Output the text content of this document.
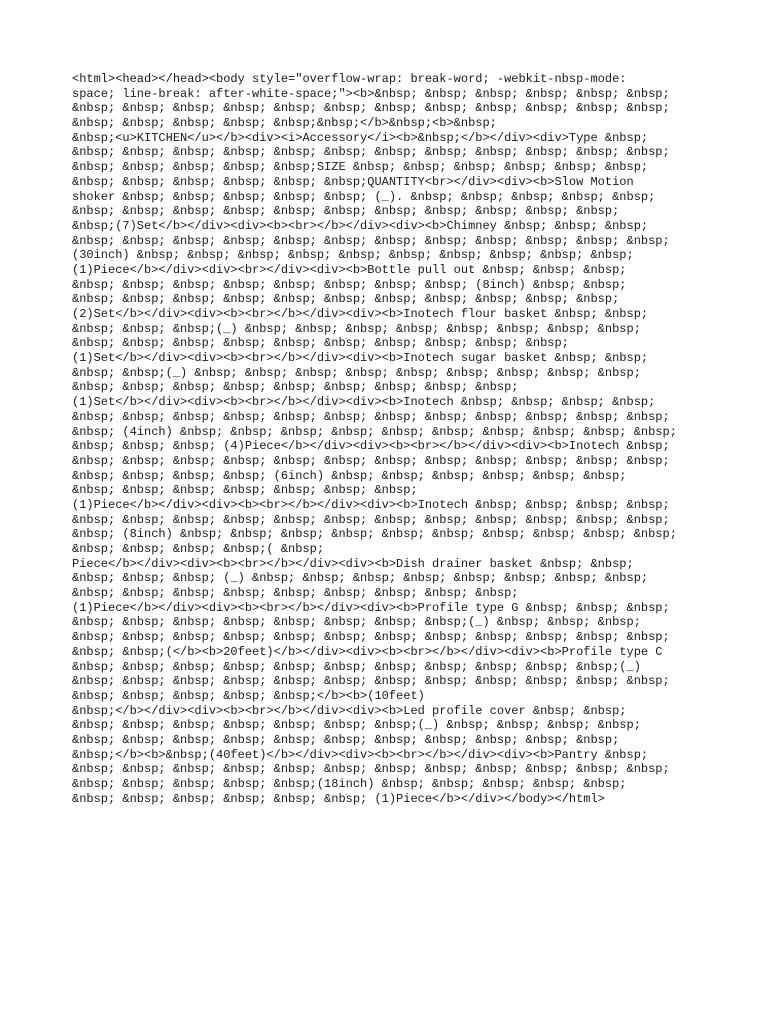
<html><head></head><body style="overflow-wrap: break-word; -webkit-nbsp-mode:
space; line-break: after-white-space;"><b>&nbsp; &nbsp; &nbsp; &nbsp; &nbsp; &nbsp;
&nbsp; &nbsp; &nbsp; &nbsp; &nbsp; &nbsp; &nbsp; &nbsp; &nbsp; &nbsp; &nbsp; &nbsp;
&nbsp; &nbsp; &nbsp; &nbsp; &nbsp;&nbsp;</b>&nbsp;<b>&nbsp;
&nbsp;<u>KITCHEN</u></b><div><i>Accessory</i><b>&nbsp;</b></div><div>Type &nbsp;
&nbsp; &nbsp; &nbsp; &nbsp; &nbsp; &nbsp; &nbsp; &nbsp; &nbsp; &nbsp; &nbsp; &nbsp;
&nbsp; &nbsp; &nbsp; &nbsp; &nbsp;SIZE &nbsp; &nbsp; &nbsp; &nbsp; &nbsp; &nbsp;
&nbsp; &nbsp; &nbsp; &nbsp; &nbsp; &nbsp;QUANTITY<br></div><div><b>Slow Motion
shoker &nbsp; &nbsp; &nbsp; &nbsp; &nbsp; (_). &nbsp; &nbsp; &nbsp; &nbsp; &nbsp;
&nbsp; &nbsp; &nbsp; &nbsp; &nbsp; &nbsp; &nbsp; &nbsp; &nbsp; &nbsp; &nbsp;
&nbsp;(7)Set</b></div><div><b><br></b></div><div><b>Chimney &nbsp; &nbsp; &nbsp;
&nbsp; &nbsp; &nbsp; &nbsp; &nbsp; &nbsp; &nbsp; &nbsp; &nbsp; &nbsp; &nbsp; &nbsp;
(30inch) &nbsp; &nbsp; &nbsp; &nbsp; &nbsp; &nbsp; &nbsp; &nbsp; &nbsp; &nbsp;
(1)Piece</b></div><div><br></div><div><b>Bottle pull out &nbsp; &nbsp; &nbsp;
&nbsp; &nbsp; &nbsp; &nbsp; &nbsp; &nbsp; &nbsp; &nbsp; (8inch) &nbsp; &nbsp;
&nbsp; &nbsp; &nbsp; &nbsp; &nbsp; &nbsp; &nbsp; &nbsp; &nbsp; &nbsp; &nbsp;
(2)Set</b></div><div><b><br></b></div><div><b>Inotech flour basket &nbsp; &nbsp;
&nbsp; &nbsp; &nbsp;(_) &nbsp; &nbsp; &nbsp; &nbsp; &nbsp; &nbsp; &nbsp; &nbsp;
&nbsp; &nbsp; &nbsp; &nbsp; &nbsp; &nbsp; &nbsp; &nbsp; &nbsp; &nbsp;
(1)Set</b></div><div><b><br></b></div><div><b>Inotech sugar basket &nbsp; &nbsp;
&nbsp; &nbsp;(_) &nbsp; &nbsp; &nbsp; &nbsp; &nbsp; &nbsp; &nbsp; &nbsp; &nbsp;
&nbsp; &nbsp; &nbsp; &nbsp; &nbsp; &nbsp; &nbsp; &nbsp; &nbsp;
(1)Set</b></div><div><b><br></b></div><div><b>Inotech &nbsp; &nbsp; &nbsp; &nbsp;
&nbsp; &nbsp; &nbsp; &nbsp; &nbsp; &nbsp; &nbsp; &nbsp; &nbsp; &nbsp; &nbsp; &nbsp;
&nbsp; (4inch) &nbsp; &nbsp; &nbsp; &nbsp; &nbsp; &nbsp; &nbsp; &nbsp; &nbsp; &nbsp;
&nbsp; &nbsp; &nbsp; (4)Piece</b></div><div><b><br></b></div><div><b>Inotech &nbsp;
&nbsp; &nbsp; &nbsp; &nbsp; &nbsp; &nbsp; &nbsp; &nbsp; &nbsp; &nbsp; &nbsp; &nbsp;
&nbsp; &nbsp; &nbsp; &nbsp; (6inch) &nbsp; &nbsp; &nbsp; &nbsp; &nbsp; &nbsp;
&nbsp; &nbsp; &nbsp; &nbsp; &nbsp; &nbsp; &nbsp;
(1)Piece</b></div><div><b><br></b></div><div><b>Inotech &nbsp; &nbsp; &nbsp; &nbsp;
&nbsp; &nbsp; &nbsp; &nbsp; &nbsp; &nbsp; &nbsp; &nbsp; &nbsp; &nbsp; &nbsp; &nbsp;
&nbsp; (8inch) &nbsp; &nbsp; &nbsp; &nbsp; &nbsp; &nbsp; &nbsp; &nbsp; &nbsp; &nbsp;
&nbsp; &nbsp; &nbsp; &nbsp;( &nbsp;
Piece</b></div><div><b><br></b></div><div><b>Dish drainer basket &nbsp; &nbsp;
&nbsp; &nbsp; &nbsp; (_) &nbsp; &nbsp; &nbsp; &nbsp; &nbsp; &nbsp; &nbsp; &nbsp;
&nbsp; &nbsp; &nbsp; &nbsp; &nbsp; &nbsp; &nbsp; &nbsp; &nbsp;
(1)Piece</b></div><div><b><br></b></div><div><b>Profile type G &nbsp; &nbsp; &nbsp;
&nbsp; &nbsp; &nbsp; &nbsp; &nbsp; &nbsp; &nbsp; &nbsp;(_) &nbsp; &nbsp; &nbsp;
&nbsp; &nbsp; &nbsp; &nbsp; &nbsp; &nbsp; &nbsp; &nbsp; &nbsp; &nbsp; &nbsp; &nbsp;
&nbsp; &nbsp;(</b><b>20feet)</b></div><div><b><br></b></div><div><b>Profile type C
&nbsp; &nbsp; &nbsp; &nbsp; &nbsp; &nbsp; &nbsp; &nbsp; &nbsp; &nbsp; &nbsp;(_)
&nbsp; &nbsp; &nbsp; &nbsp; &nbsp; &nbsp; &nbsp; &nbsp; &nbsp; &nbsp; &nbsp; &nbsp;
&nbsp; &nbsp; &nbsp; &nbsp; &nbsp;</b><b>(10feet)
&nbsp;</b></div><div><b><br></b></div><div><b>Led profile cover &nbsp; &nbsp;
&nbsp; &nbsp; &nbsp; &nbsp; &nbsp; &nbsp; &nbsp;(_) &nbsp; &nbsp; &nbsp; &nbsp;
&nbsp; &nbsp; &nbsp; &nbsp; &nbsp; &nbsp; &nbsp; &nbsp; &nbsp; &nbsp; &nbsp;
&nbsp;</b><b>&nbsp;(40feet)</b></div><div><b><br></b></div><div><b>Pantry &nbsp;
&nbsp; &nbsp; &nbsp; &nbsp; &nbsp; &nbsp; &nbsp; &nbsp; &nbsp; &nbsp; &nbsp; &nbsp;
&nbsp; &nbsp; &nbsp; &nbsp; &nbsp;(18inch) &nbsp; &nbsp; &nbsp; &nbsp; &nbsp;
&nbsp; &nbsp; &nbsp; &nbsp; &nbsp; &nbsp; (1)Piece</b></div></body></html>
